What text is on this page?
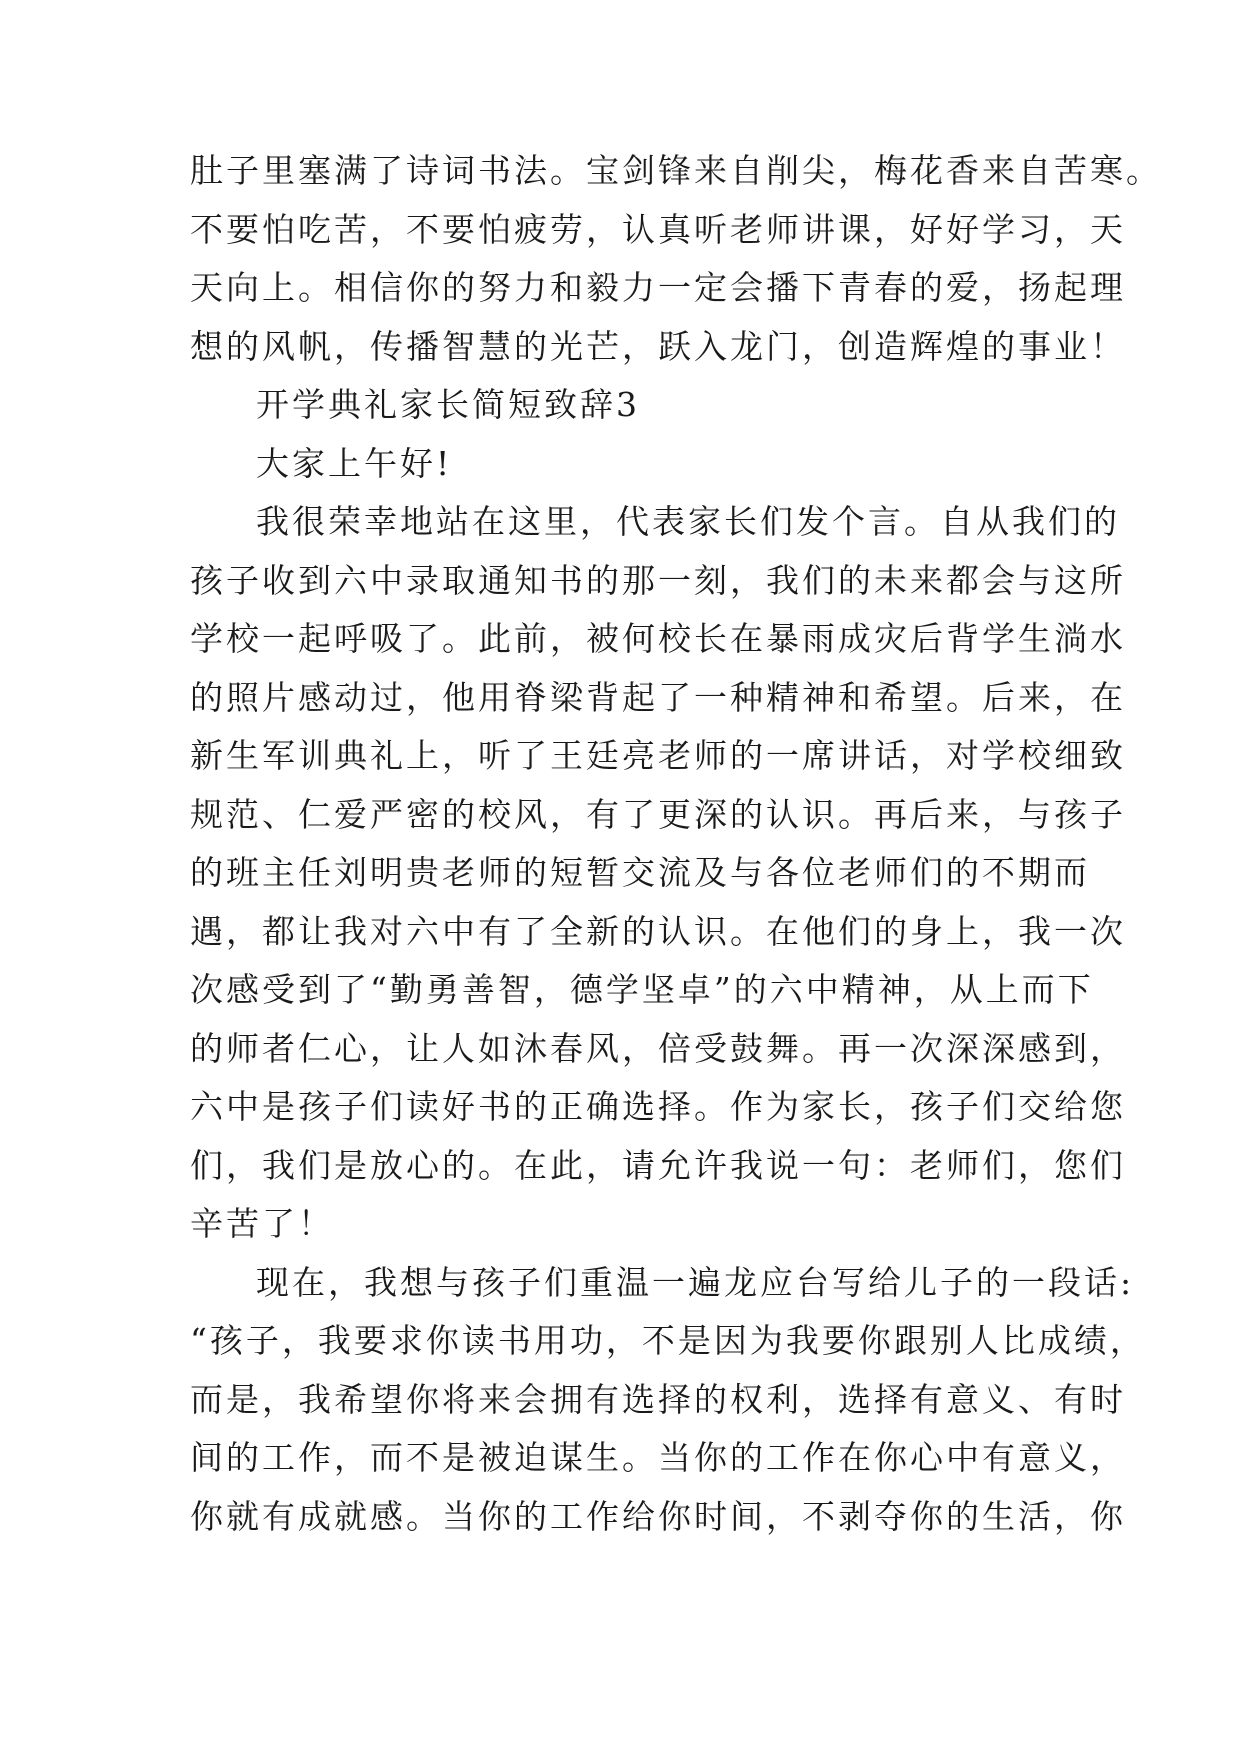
肚子里塞满了诗词书法。宝剑锋来自削尖，梅花香来自苦寒。

不要怕吃苦，不要怕疲劳，认真听老师讲课，好好学习，天

天向上。相信你的努力和毅力一定会播下青春的爱，扬起理

想的风帆，传播智慧的光芒，跃入龙门，创造辉煌的事业！

开学典礼家长简短致辞3

大家上午好!

我很荣幸地站在这里，代表家长们发个言。自从我们的

孩子收到六中录取通知书的那一刻，我们的未来都会与这所

学校一起呼吸了。此前，被何校长在暴雨成灾后背学生淌水

的照片感动过，他用脊梁背起了一种精神和希望。后来，在

新生军训典礼上，听了王廷亮老师的一席讲话，对学校细致

规范、仁爱严密的校风，有了更深的认识。再后来，与孩子

的班主任刘明贵老师的短暂交流及与各位老师们的不期而

遇，都让我对六中有了全新的认识。在他们的身上，我一次

次感受到了“勤勇善智，德学坚卓”的六中精神，从上而下

的师者仁心，让人如沐春风，倍受鼓舞。再一次深深感到，

六中是孩子们读好书的正确选择。作为家长，孩子们交给您

们，我们是放心的。在此，请允许我说一句：老师们，您们

辛苦了！

现在，我想与孩子们重温一遍龙应台写给儿子的一段话:

“孩子，我要求你读书用功，不是因为我要你跟别人比成绩，

而是，我希望你将来会拥有选择的权利，选择有意义、有时

间的工作，而不是被迫谋生。当你的工作在你心中有意义，

你就有成就感。当你的工作给你时间，不剥夺你的生活，你
